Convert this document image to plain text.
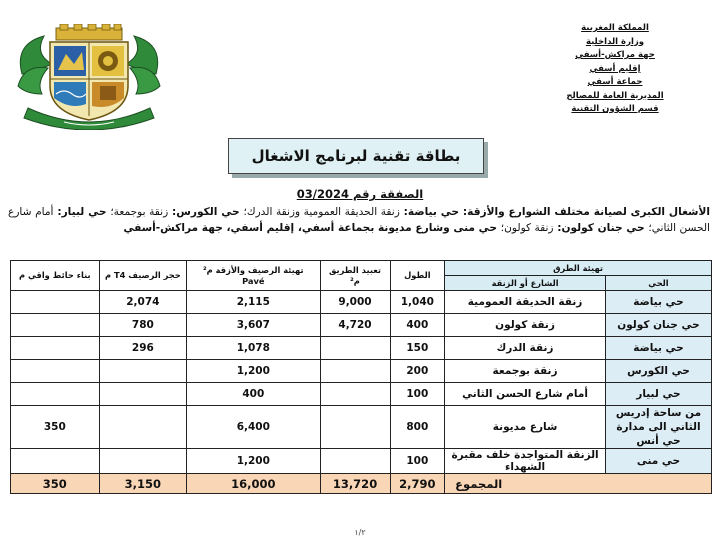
المملكة المغربية
وزارة الداخلية
جهة مراكش-أسفي
إقليم أسفي
جماعة أسفي
المديرية العامة للمصالح
قسم الشؤون التقنية
بطاقة تقنية لبرنامج الاشغال
الصفقة رقم 03/2024
الأشغال الكبرى لصيانة مختلف الشوارع والأزقة: حي بياضة: زنقة الحديقة العمومية وزنقة الدرك؛ حي الكورس: زنقة بوجمعة؛ حي لبيار: أمام شارع الحسن الثاني؛ حي جنان كولون: زنقة كولون؛ حي منى وشارع مديونة بجماعة أسفي، إقليم أسفي، جهة مراكش-أسفي
تهيئة الطرق		الطول	تعبيد الطريق م²	تهيئة الرصيف والأزقة م² Pavé	حجر الرصيف T4 م	بناء حائط واقي م
الحي	الشارع أو الزنقة					
حي بياضة	زنقة الحديقة العمومية	1,040	9,000	2,115	2,074	
حي جنان كولون	زنقة كولون	400	4,720	3,607	780	
حي بياضة	زنقة الدرك	150		1,078	296	
حي الكورس	زنقة بوجمعة	200		1,200		
حي لبيار	أمام شارع الحسن الثاني	100		400		
من ساحة إدريس الثاني الى مدارة حي أنس	شارع مديونة	800		6,400		350
حي منى	الزنقة المتواجدة خلف مقبرة الشهداء	100		1,200		
المجموع		2,790	13,720	16,000	3,150	350
١/٢
